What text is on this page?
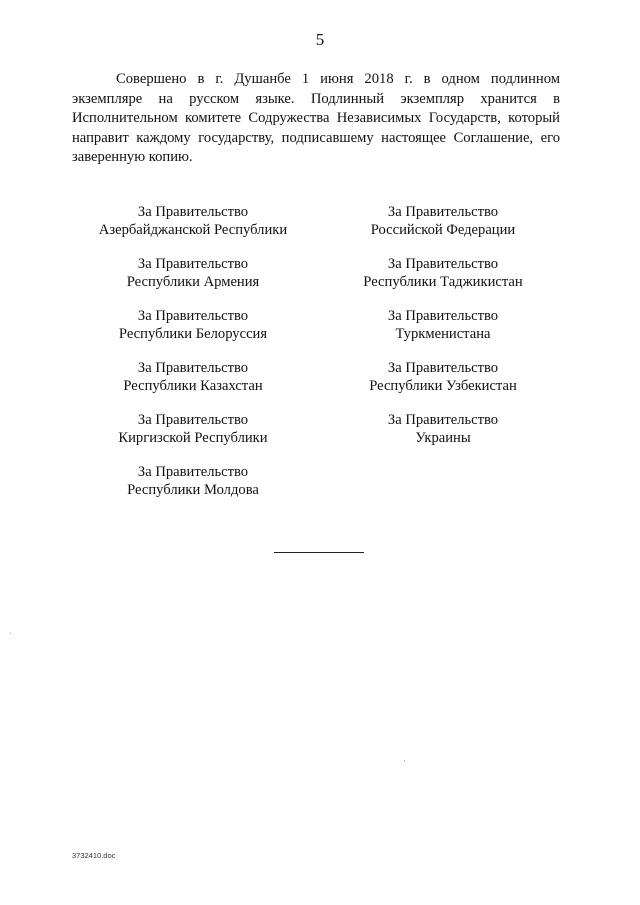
5

Совершено в г. Душанбе 1 июня 2018 г. в одном подлинном экземпляре на русском языке. Подлинный экземпляр хранится в Исполнительном комитете Содружества Независимых Государств, который направит каждому государству, подписавшему настоящее Соглашение, его заверенную копию.

За Правительство
Азербайджанской Республики
За Правительство
Республики Армения
За Правительство
Республики Белоруссия
За Правительство
Республики Казахстан
За Правительство
Киргизской Республики
За Правительство
Республики Молдова
За Правительство
Российской Федерации
За Правительство
Республики Таджикистан
За Правительство
Туркменистана
За Правительство
Республики Узбекистан
За Правительство
Украины
3732410.doc
